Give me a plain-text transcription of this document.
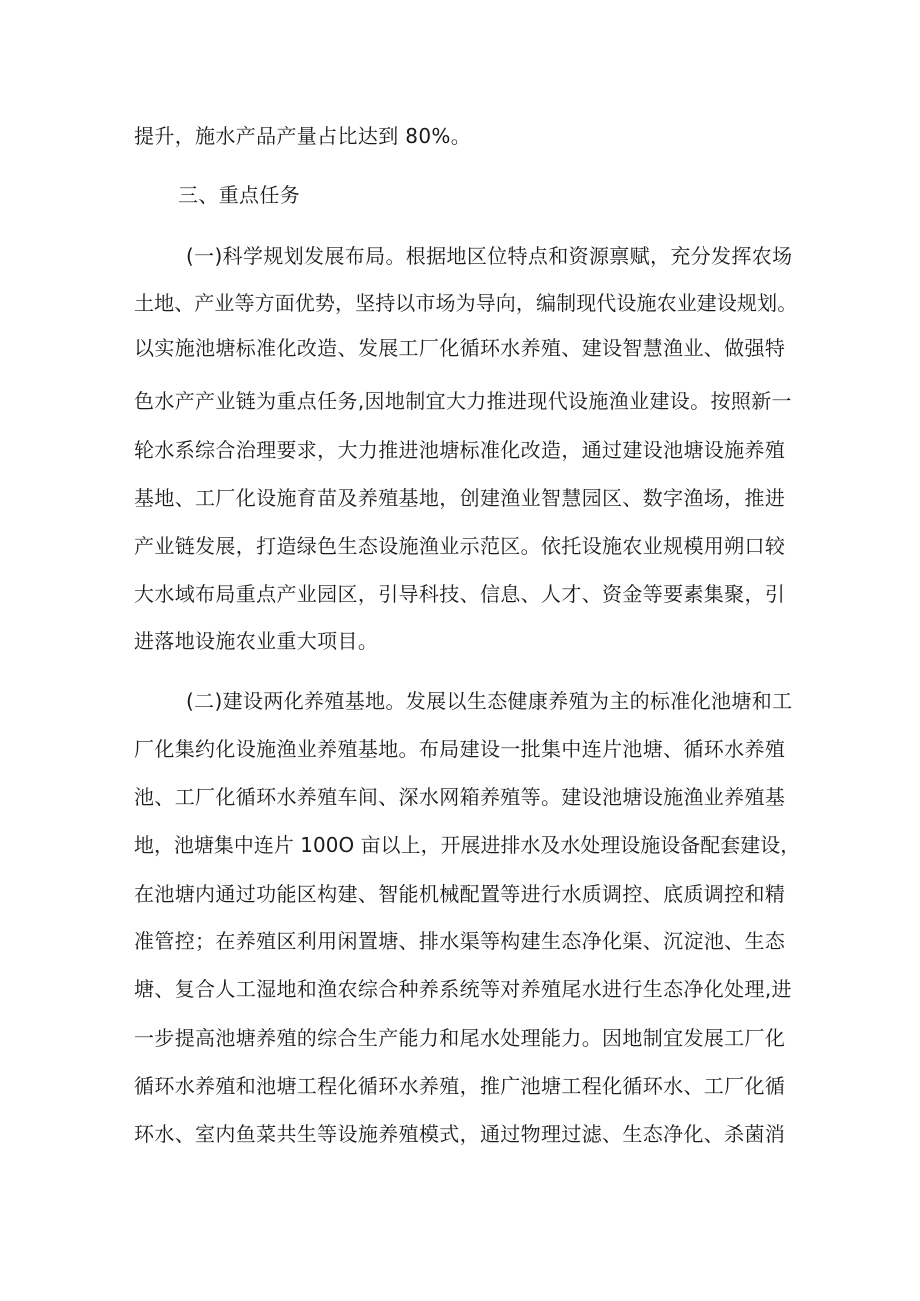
提升，施水产品产量占比达到 80%。
三、重点任务
(一)科学规划发展布局。根据地区位特点和资源禀赋，充分发挥农场
土地、产业等方面优势，坚持以市场为导向，编制现代设施农业建设规划。
以实施池塘标准化改造、发展工厂化循环水养殖、建设智慧渔业、做强特
色水产产业链为重点任务,因地制宜大力推进现代设施渔业建设。按照新一
轮水系综合治理要求，大力推进池塘标准化改造，通过建设池塘设施养殖
基地、工厂化设施育苗及养殖基地，创建渔业智慧园区、数字渔场，推进
产业链发展，打造绿色生态设施渔业示范区。依托设施农业规模用朔口较
大水域布局重点产业园区，引导科技、信息、人才、资金等要素集聚，引
进落地设施农业重大项目。
(二)建设两化养殖基地。发展以生态健康养殖为主的标准化池塘和工
厂化集约化设施渔业养殖基地。布局建设一批集中连片池塘、循环水养殖
池、工厂化循环水养殖车间、深水网箱养殖等。建设池塘设施渔业养殖基
地，池塘集中连片 100O 亩以上，开展进排水及水处理设施设备配套建设，
在池塘内通过功能区构建、智能机械配置等进行水质调控、底质调控和精
准管控；在养殖区利用闲置塘、排水渠等构建生态净化渠、沉淀池、生态
塘、复合人工湿地和渔农综合种养系统等对养殖尾水进行生态净化处理,进
一步提高池塘养殖的综合生产能力和尾水处理能力。因地制宜发展工厂化
循环水养殖和池塘工程化循环水养殖，推广池塘工程化循环水、工厂化循
环水、室内鱼菜共生等设施养殖模式，通过物理过滤、生态净化、杀菌消
